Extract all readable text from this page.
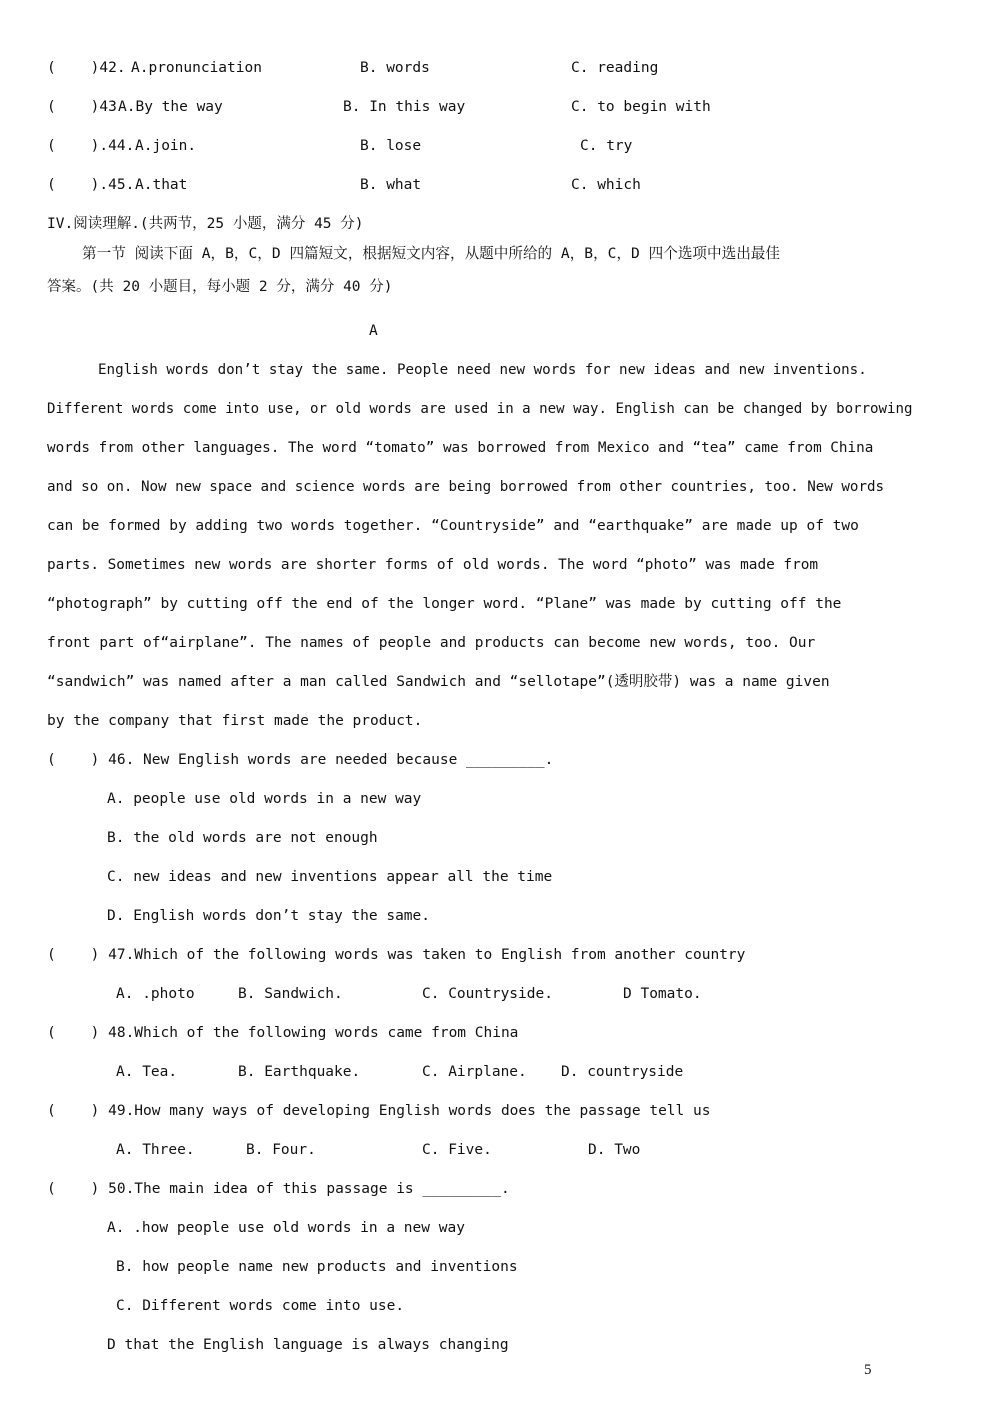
(    )42. A.pronunciation	B. words	C. reading
(    )43 A.By the way	B. In this way	C. to begin with
(    ).44. A.join.	B. lose	C. try
(    ).45. A.that	B. what	C. which
IV.阅读理解.(共两节，25 小题，满分 45 分)
第一节 阅读下面 A，B，C，D 四篇短文，根据短文内容，从题中所给的 A，B，C，D 四个选项中选出最佳
答案。(共 20 小题目，每小题 2 分，满分 40 分)
A
English words don’t stay the same. People need new words for new ideas and new inventions.
Different words come into use, or old words are used in a new way. English can be changed by borrowing
words from other languages. The word “tomato” was borrowed from Mexico and “tea” came from China
and so on. Now new space and science words are being borrowed from other countries, too. New words
can be formed by adding two words together. “Countryside” and “earthquake” are made up of two
parts. Sometimes new words are shorter forms of old words. The word “photo” was made from
“photograph” by cutting off the end of the longer word. “Plane” was made by cutting off the
front part of“airplane”. The names of people and products can become new words, too. Our
“sandwich” was named after a man called Sandwich and “sellotape”(透明胶带) was a name given
by the company that first made the product.
(    ) 46. New English words are needed because _________.
A. people use old words in a new way
B. the old words are not enough
C. new ideas and new inventions appear all the time
D. English words don’t stay the same.
(    ) 47.Which of the following words was taken to English from another country
A. .photo	B. Sandwich.	C. Countryside.	D Tomato.
(    ) 48.Which of the following words came from China
A. Tea.	B. Earthquake.	C. Airplane. D. countryside
(    ) 49.How many ways of developing English words does the passage tell us
A. Three.	B. Four.	C. Five.	D. Two
(    ) 50.The main idea of this passage is _________.
A. .how people use old words in a new way
B. how people name new products and inventions
C. Different words come into use.
D that the English language is always changing
5
